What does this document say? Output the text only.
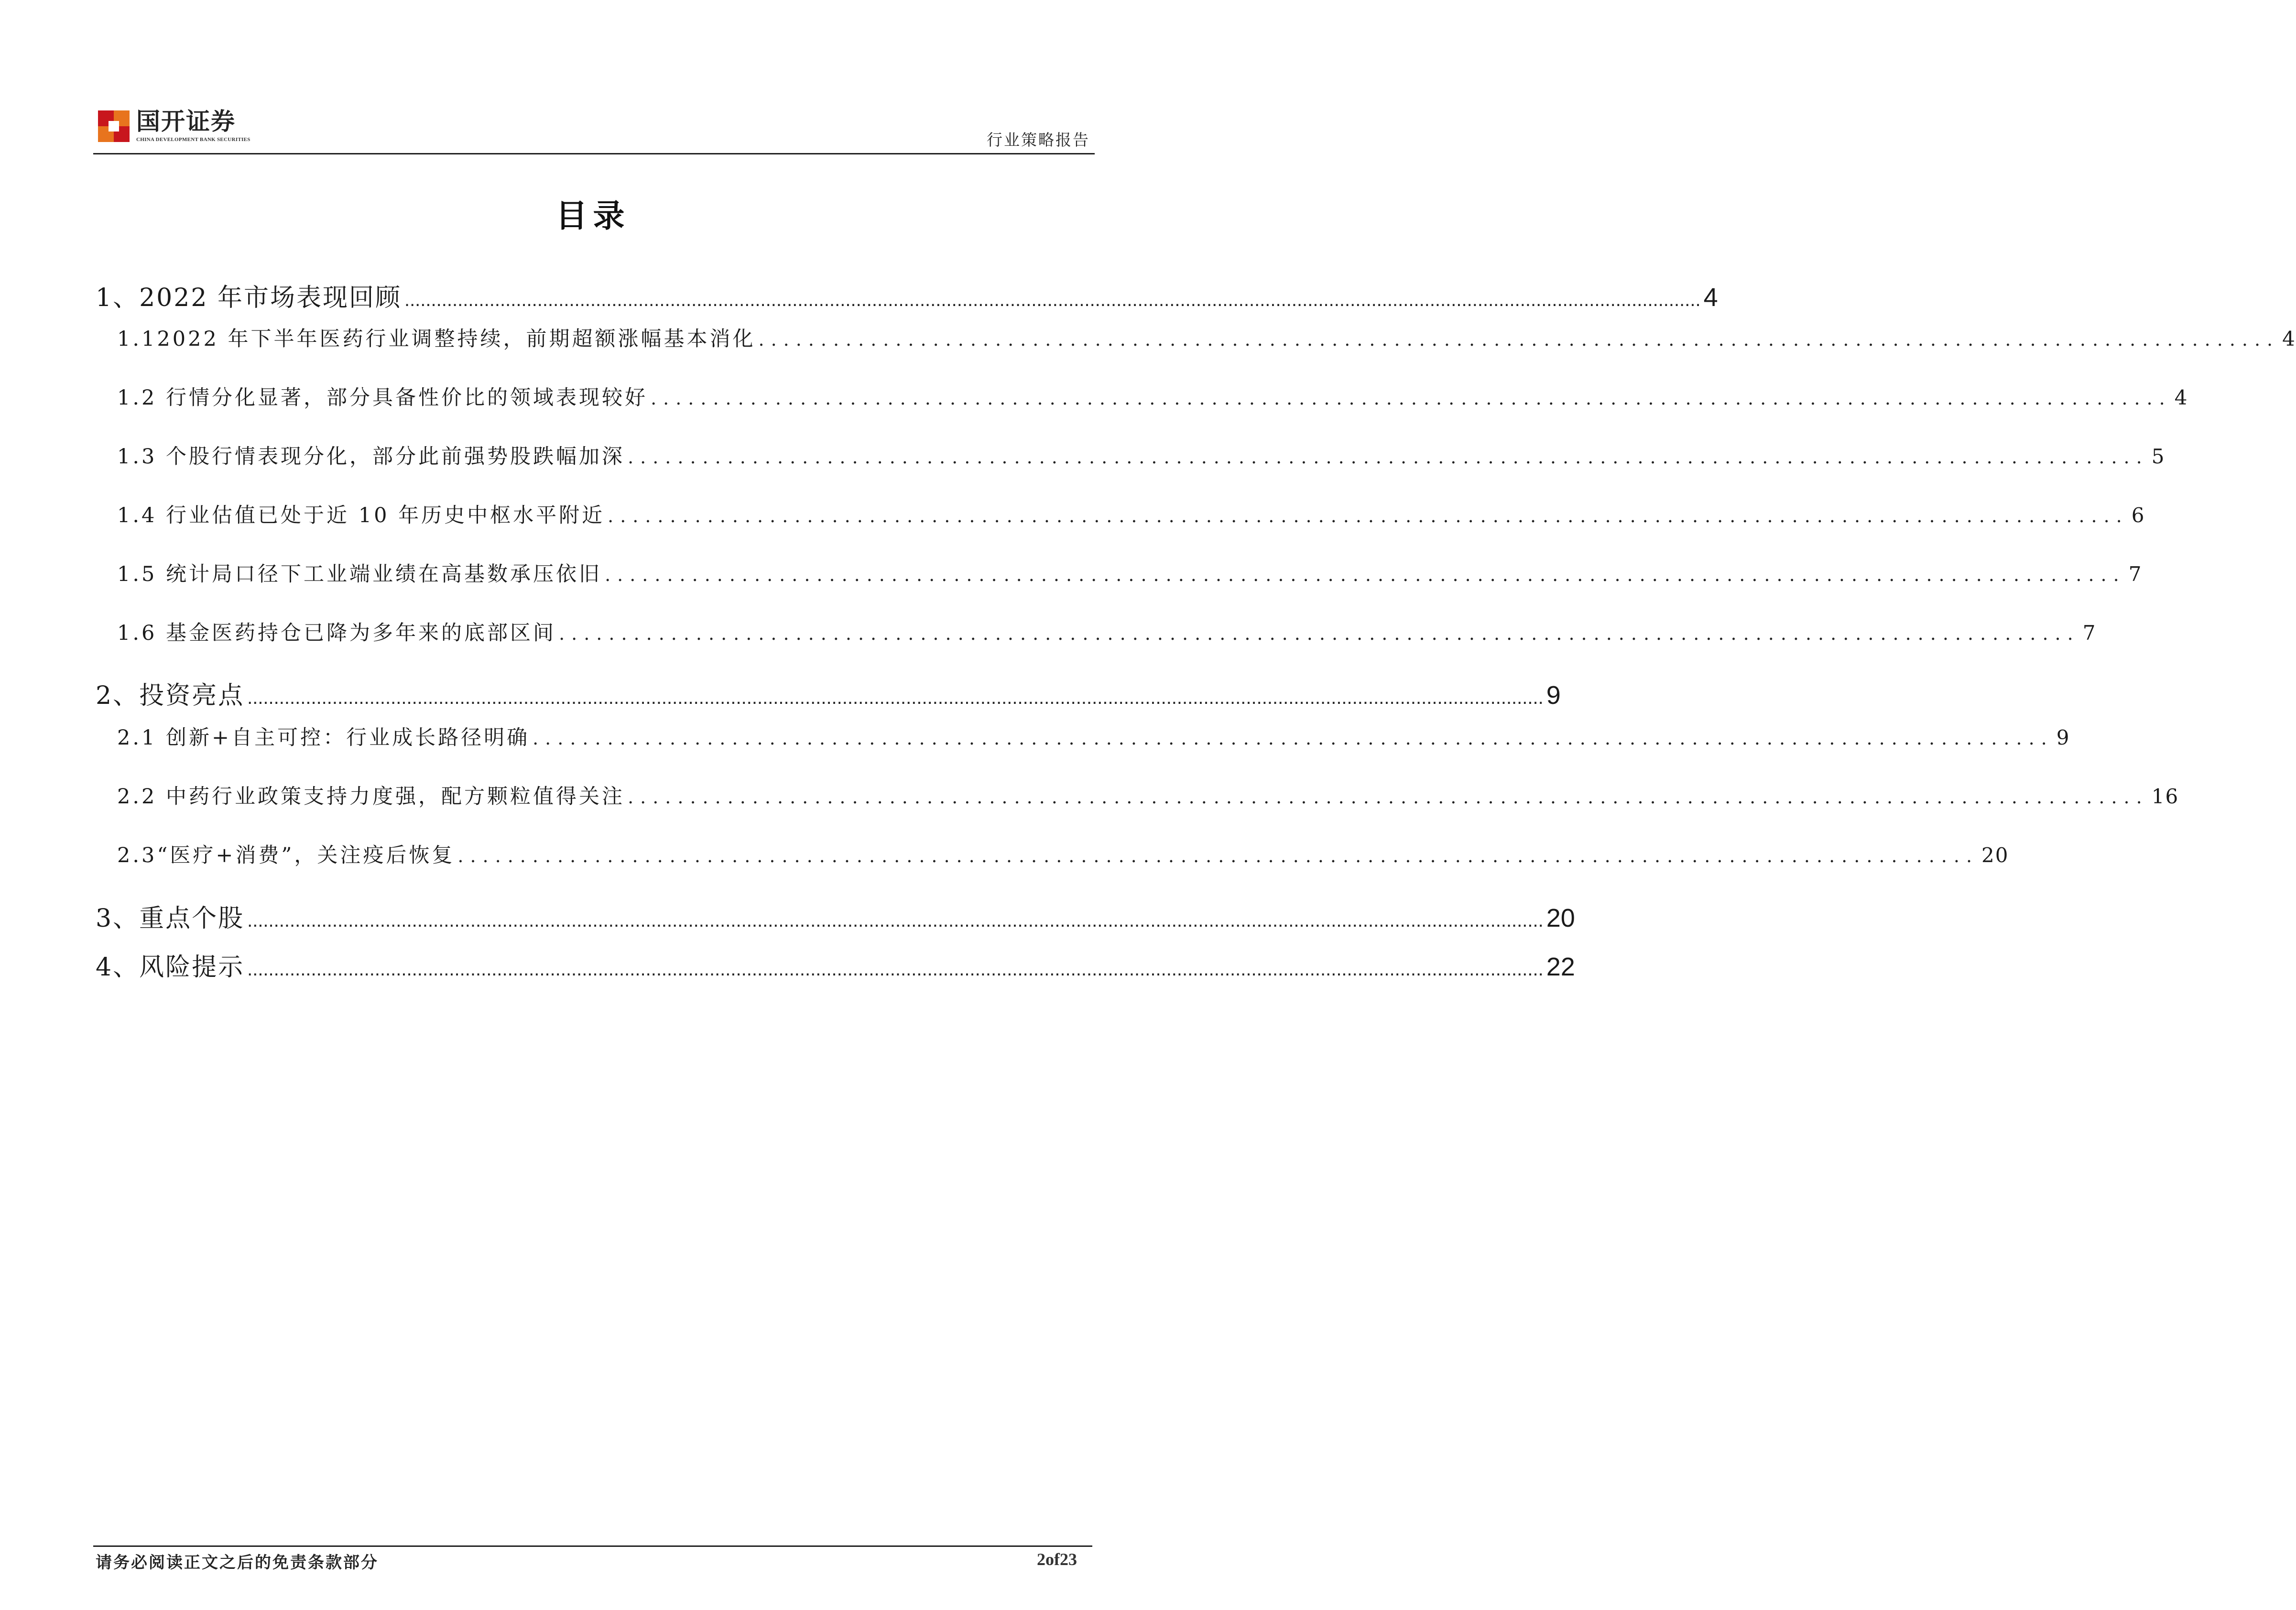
国开证券
CHINA DEVELOPMENT BANK SECURITIES	行业策略报告
目录
1、2022 年市场表现回顾 .................................................................................................................................................................................................................................................... 4
1.12022 年下半年医药行业调整持续，前期超额涨幅基本消化 .......................................................................................................................... 4
1.2 行情分化显著，部分具备性价比的领域表现较好 .......................................................................................................................... 4
1.3 个股行情表现分化，部分此前强势股跌幅加深 .......................................................................................................................... 5
1.4 行业估值已处于近 10 年历史中枢水平附近 .......................................................................................................................... 6
1.5 统计局口径下工业端业绩在高基数承压依旧 .......................................................................................................................... 7
1.6 基金医药持仓已降为多年来的底部区间 .......................................................................................................................... 7
2、投资亮点 .................................................................................................................................................................................................................................................... 9
2.1 创新+自主可控：行业成长路径明确 .......................................................................................................................... 9
2.2 中药行业政策支持力度强，配方颗粒值得关注 .......................................................................................................................... 16
2.3“医疗+消费”，关注疫后恢复 .......................................................................................................................... 20
3、重点个股 .................................................................................................................................................................................................................................................... 20
4、风险提示 .................................................................................................................................................................................................................................................... 22
请务必阅读正文之后的免责条款部分	2of23
